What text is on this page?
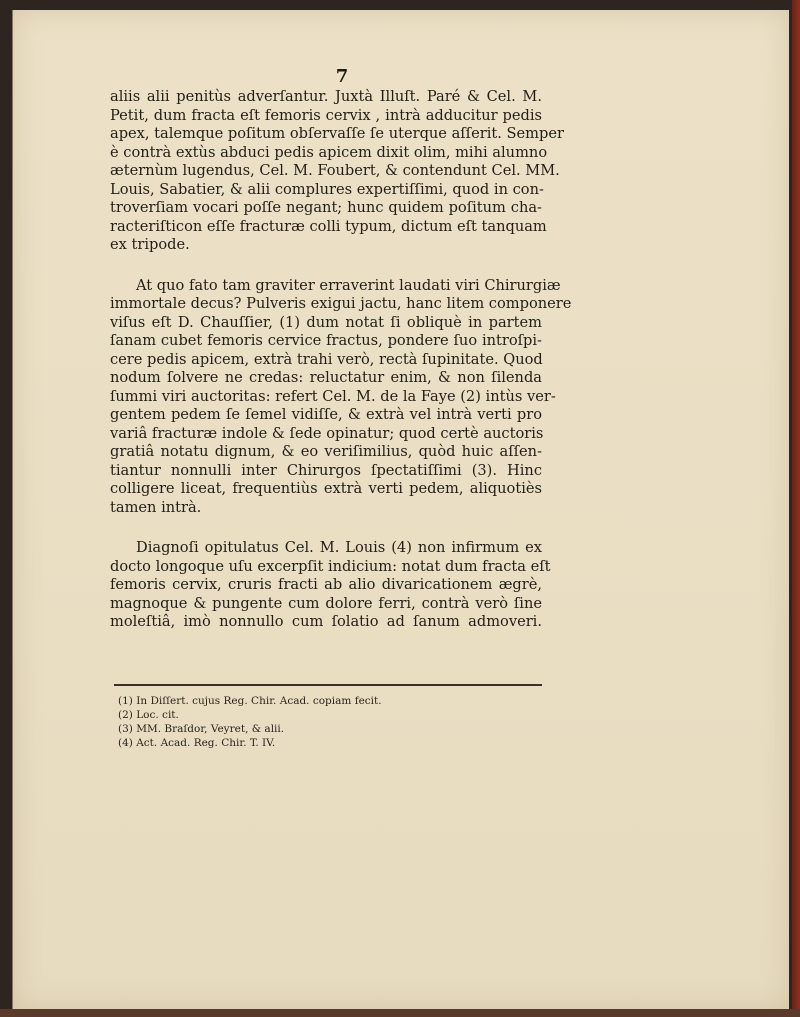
7
aliis alii penitùs adverſantur. Juxtà Illuſt. Paré & Cel. M.
Petit, dum fracta eſt femoris cervix , intrà adducitur pedis
apex, talemque poſitum obſervaſſe ſe uterque aſſerit. Semper
è contrà extùs abduci pedis apicem dixit olim, mihi alumno
æternùm lugendus, Cel. M. Foubert, & contendunt Cel. MM.
Louis, Sabatier, & alii complures expertiſſimi, quod in con-
troverſiam vocari poſſe negant; hunc quidem poſitum cha-
racteriſticon eſſe fracturæ colli typum, dictum eſt tanquam
ex tripode.
At quo fato tam graviter erraverint laudati viri Chirurgiæ
immortale decus? Pulveris exigui jactu, hanc litem componere
viſus eſt D. Chauſſier, (1) dum notat ſi obliquè in partem
ſanam cubet femoris cervice fractus, pondere ſuo introſpi-
cere pedis apicem, extrà trahi verò, rectà ſupinitate. Quod
nodum ſolvere ne credas: reluctatur enim, & non ſilenda
ſummi viri auctoritas: refert Cel. M. de la Faye (2) intùs ver-
gentem pedem ſe ſemel vidiſſe, & extrà vel intrà verti pro
variâ fracturæ indole & ſede opinatur; quod certè auctoris
gratiâ notatu dignum, & eo veriſimilius, quòd huic aſſen-
tiantur nonnulli inter Chirurgos ſpectatiſſimi (3). Hinc
colligere liceat, frequentiùs extrà verti pedem, aliquotiès
tamen intrà.
Diagnoſi opitulatus Cel. M. Louis (4) non infirmum ex
docto longoque uſu excerpſit indicium: notat dum fracta eſt
femoris cervix, cruris fracti ab alio divaricationem ægrè,
magnoque & pungente cum dolore ferri, contrà verò ſine
moleſtiâ, imò nonnullo cum ſolatio ad ſanum admoveri.
(1) In Diſſert. cujus Reg. Chir. Acad. copiam fecit.
(2) Loc. cit.
(3) MM. Braſdor, Veyret, & alii.
(4) Act. Acad. Reg. Chir. T. IV.
